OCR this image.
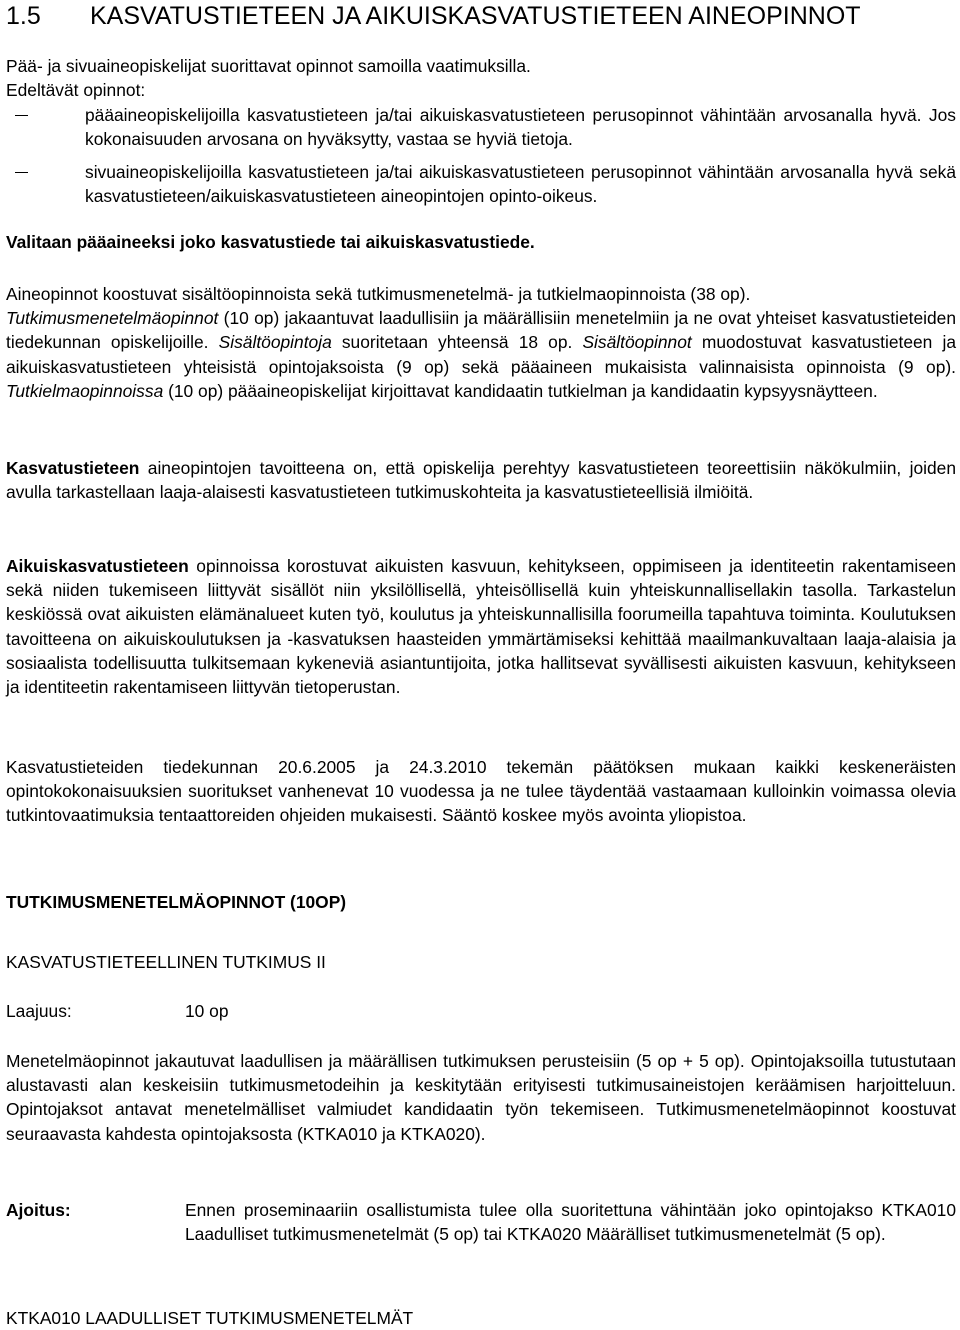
1.5 KASVATUSTIETEEN JA AIKUISKASVATUSTIETEEN AINEOPINNOT
Pää- ja sivuaineopiskelijat suorittavat opinnot samoilla vaatimuksilla.
Edeltävät opinnot:
pääaineopiskelijoilla kasvatustieteen ja/tai aikuiskasvatustieteen perusopinnot vähintään arvosanalla hyvä. Jos kokonaisuuden arvosana on hyväksytty, vastaa se hyviä tietoja.
sivuaineopiskelijoilla kasvatustieteen ja/tai aikuiskasvatustieteen perusopinnot vähintään arvosanalla hyvä sekä kasvatustieteen/aikuiskasvatustieteen aineopintojen opinto-oikeus.
Valitaan pääaineeksi joko kasvatustiede tai aikuiskasvatustiede.
Aineopinnot koostuvat sisältöopinnoista sekä tutkimusmenetelmä- ja tutkielmaopinnoista (38 op).
Tutkimusmenetelmäopinnot (10 op) jakaantuvat laadullisiin ja määrällisiin menetelmiin ja ne ovat yhteiset kasvatustieteiden tiedekunnan opiskelijoille. Sisältöopintoja suoritetaan yhteensä 18 op. Sisältöopinnot muodostuvat kasvatustieteen ja aikuiskasvatustieteen yhteisistä opintojaksoista (9 op) sekä pääaineen mukaisista valinnaisista opinnoista (9 op). Tutkielmaopinnoissa (10 op) pääaineopiskelijat kirjoittavat kandidaatin tutkielman ja kandidaatin kypsyysnäytteen.
Kasvatustieteen aineopintojen tavoitteena on, että opiskelija perehtyy kasvatustieteen teoreettisiin näkökulmiin, joiden avulla tarkastellaan laaja-alaisesti kasvatustieteen tutkimuskohteita ja kasvatustieteellisiä ilmiöitä.
Aikuiskasvatustieteen opinnoissa korostuvat aikuisten kasvuun, kehitykseen, oppimiseen ja identiteetin rakentamiseen sekä niiden tukemiseen liittyvät sisällöt niin yksilöllisellä, yhteisöllisellä kuin yhteiskunnallisellakin tasolla. Tarkastelun keskiössä ovat aikuisten elämänalueet kuten työ, koulutus ja yhteiskunnallisilla foorumeilla tapahtuva toiminta. Koulutuksen tavoitteena on aikuiskoulutuksen ja -kasvatuksen haasteiden ymmärtämiseksi kehittää maailmankuvaltaan laaja-alaisia ja sosiaalista todellisuutta tulkitsemaan kykeneviä asiantuntijoita, jotka hallitsevat syvällisesti aikuisten kasvuun, kehitykseen ja identiteetin rakentamiseen liittyvän tietoperustan.
Kasvatustieteiden tiedekunnan 20.6.2005 ja 24.3.2010 tekemän päätöksen mukaan kaikki keskeneräisten opintokokonaisuuksien suoritukset vanhenevat 10 vuodessa ja ne tulee täydentää vastaamaan kulloinkin voimassa olevia tutkintovaatimuksia tentaattoreiden ohjeiden mukaisesti. Sääntö koskee myös avointa yliopistoa.
TUTKIMUSMENETELMÄOPINNOT (10OP)
KASVATUSTIETEELLINEN TUTKIMUS II
Laajuus:	10 op
Menetelmäopinnot jakautuvat laadullisen ja määrällisen tutkimuksen perusteisiin (5 op + 5 op). Opintojaksoilla tutustutaan alustavasti alan keskeisiin tutkimusmetodeihin ja keskitytään erityisesti tutkimusaineistojen keräämisen harjoitteluun. Opintojaksot antavat menetelmälliset valmiudet kandidaatin työn tekemiseen. Tutkimusmenetelmäopinnot koostuvat seuraavasta kahdesta opintojaksosta (KTKA010 ja KTKA020).
Ajoitus:	Ennen proseminaariin osallistumista tulee olla suoritettuna vähintään joko opintojakso KTKA010 Laadulliset tutkimusmenetelmät (5 op) tai KTKA020 Määrälliset tutkimusmenetelmät (5 op).
KTKA010 LAADULLISET TUTKIMUSMENETELMÄT
